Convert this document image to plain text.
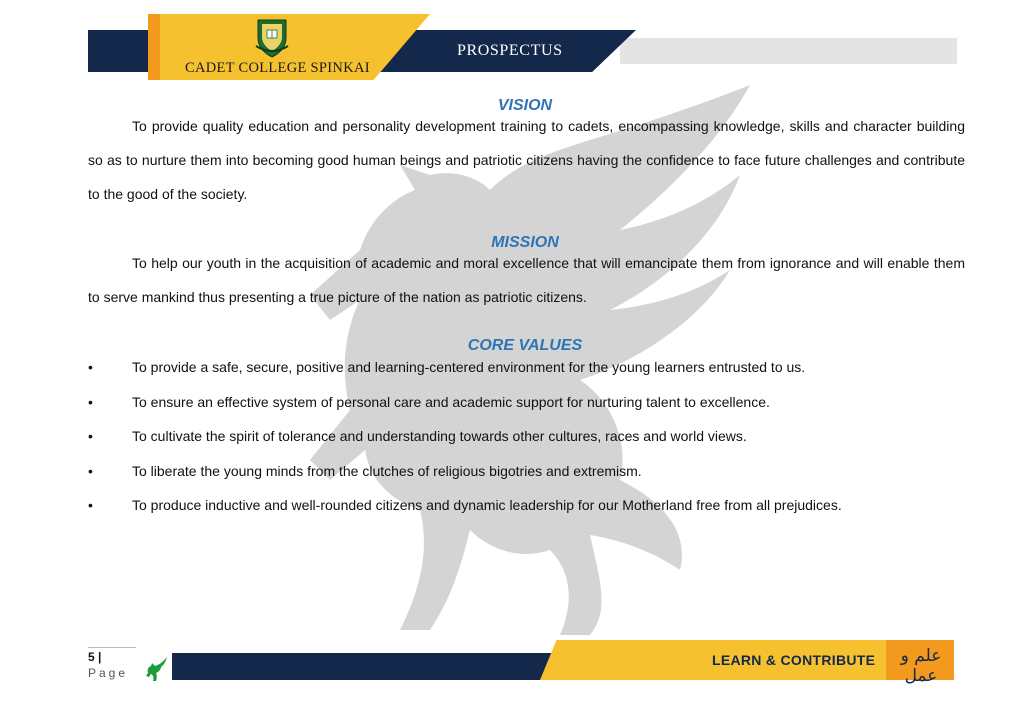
CADET COLLEGE SPINKAI
PROSPECTUS
VISION
To provide quality education and personality development training to cadets, encompassing knowledge, skills and character building so as to nurture them into becoming good human beings and patriotic citizens having the confidence to face future challenges and contribute to the good of the society.
MISSION
To help our youth in the acquisition of academic and moral excellence that will emancipate them from ignorance and will enable them to serve mankind thus presenting a true picture of the nation as patriotic citizens.
CORE VALUES
• To provide a safe, secure, positive and learning-centered environment for the young learners entrusted to us.
• To ensure an effective system of personal care and academic support for nurturing talent to excellence.
• To cultivate the spirit of tolerance and understanding towards other cultures, races and world views.
• To liberate the young minds from the clutches of religious bigotries and extremism.
• To produce inductive and well-rounded citizens and dynamic leadership for our Motherland free from all prejudices.
5 |
Page
LEARN & CONTRIBUTE	علم و عمل
